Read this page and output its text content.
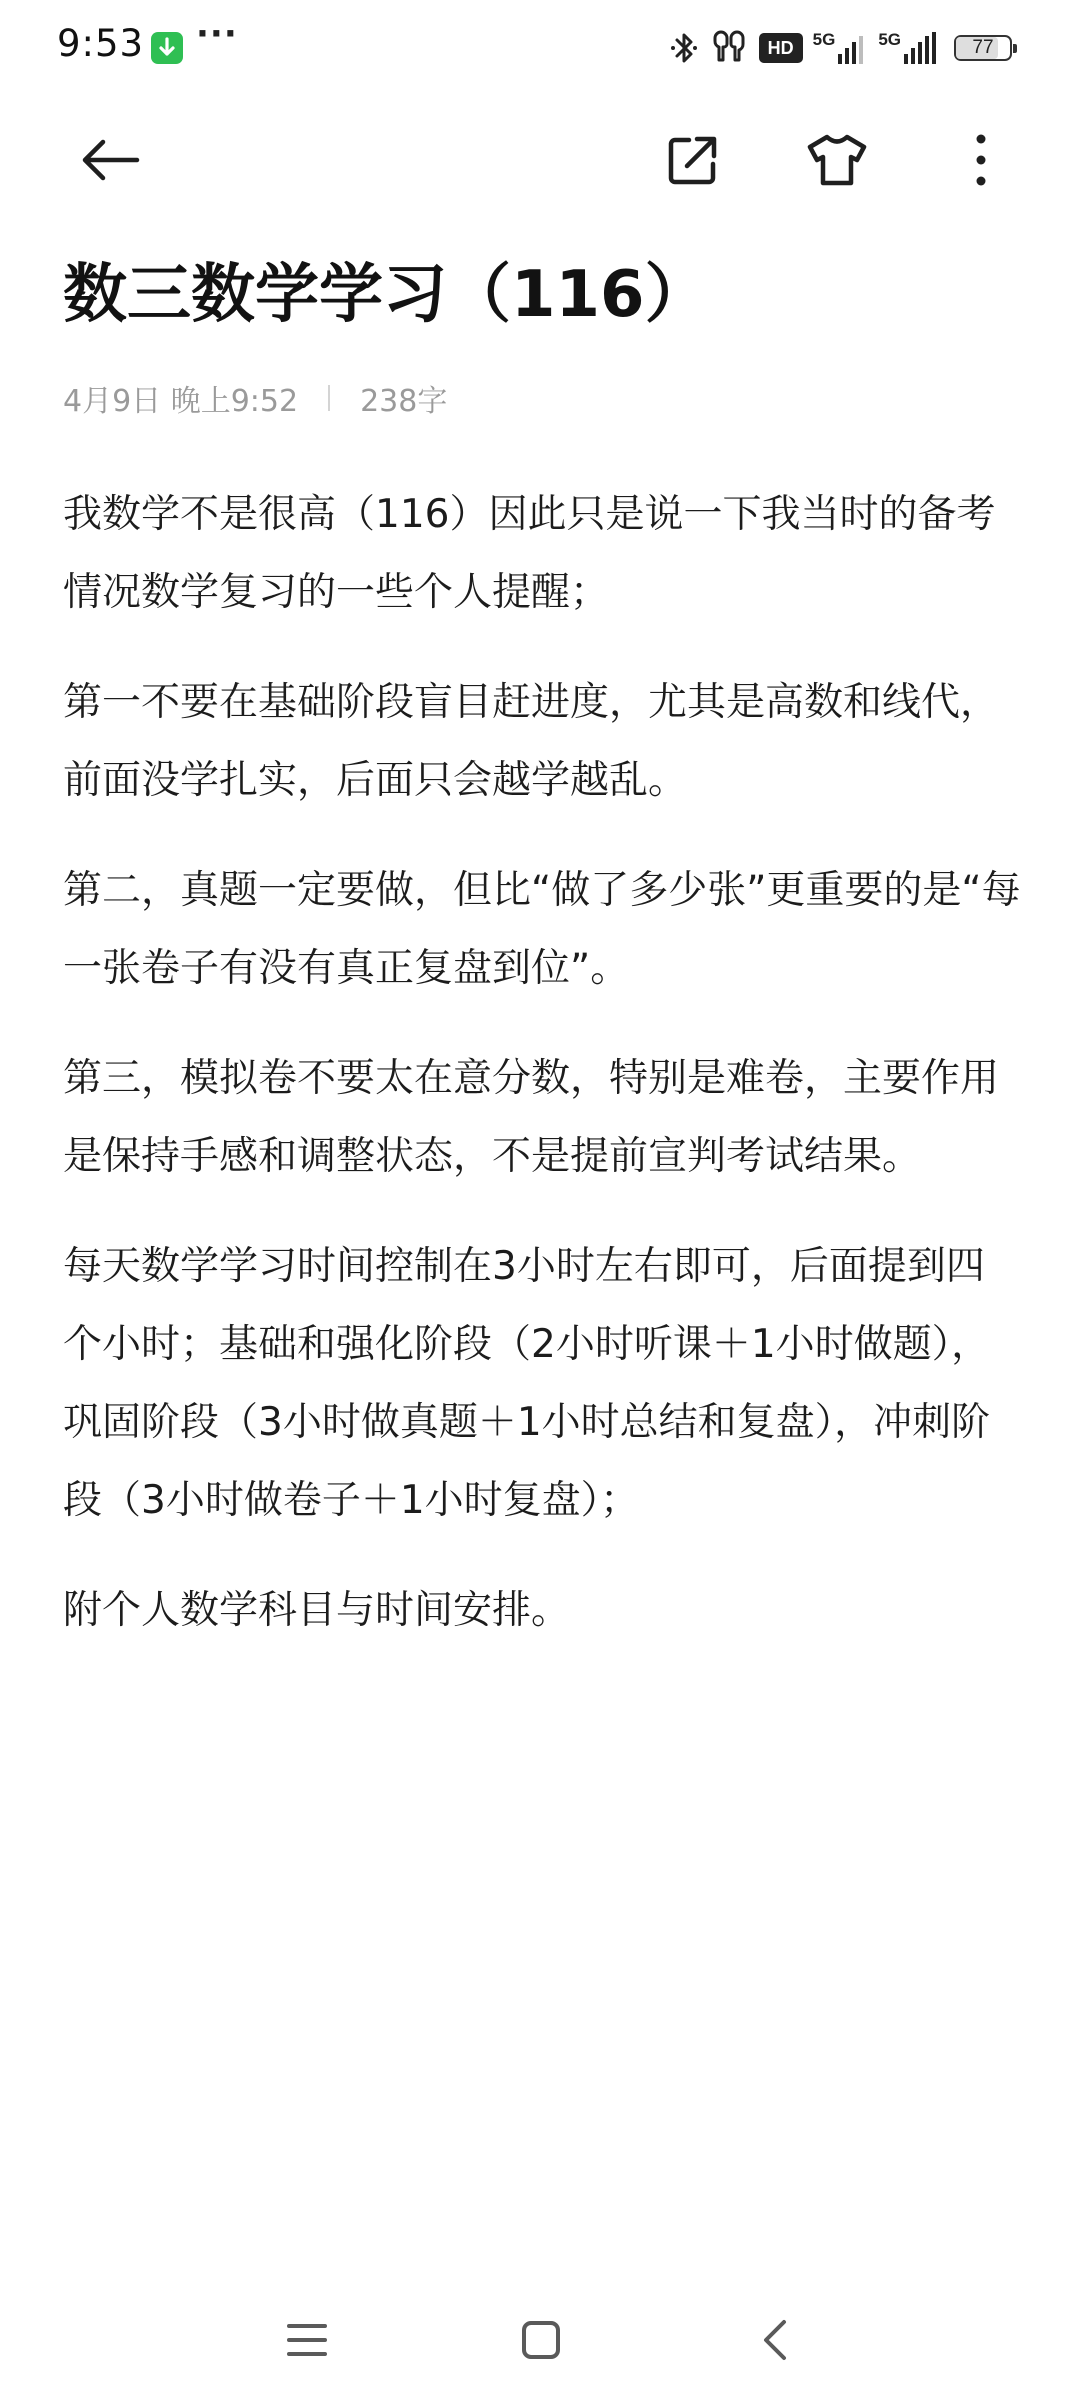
9:53 ···	HD 5G	5G	77
数三数学学习（116）
4月9日 晚上9:52 238字

我数学不是很高（116）因此只是说一下我当时的备考情况数学复习的一些个人提醒；

第一不要在基础阶段盲目赶进度，尤其是高数和线代，前面没学扎实，后面只会越学越乱。

第二，真题一定要做，但比“做了多少张”更重要的是“每一张卷子有没有真正复盘到位”。

第三，模拟卷不要太在意分数，特别是难卷，主要作用是保持手感和调整状态，不是提前宣判考试结果。

每天数学学习时间控制在3小时左右即可，后面提到四个小时；基础和强化阶段（2小时听课＋1小时做题），巩固阶段（3小时做真题＋1小时总结和复盘），冲刺阶段（3小时做卷子＋1小时复盘）；

附个人数学科目与时间安排。
